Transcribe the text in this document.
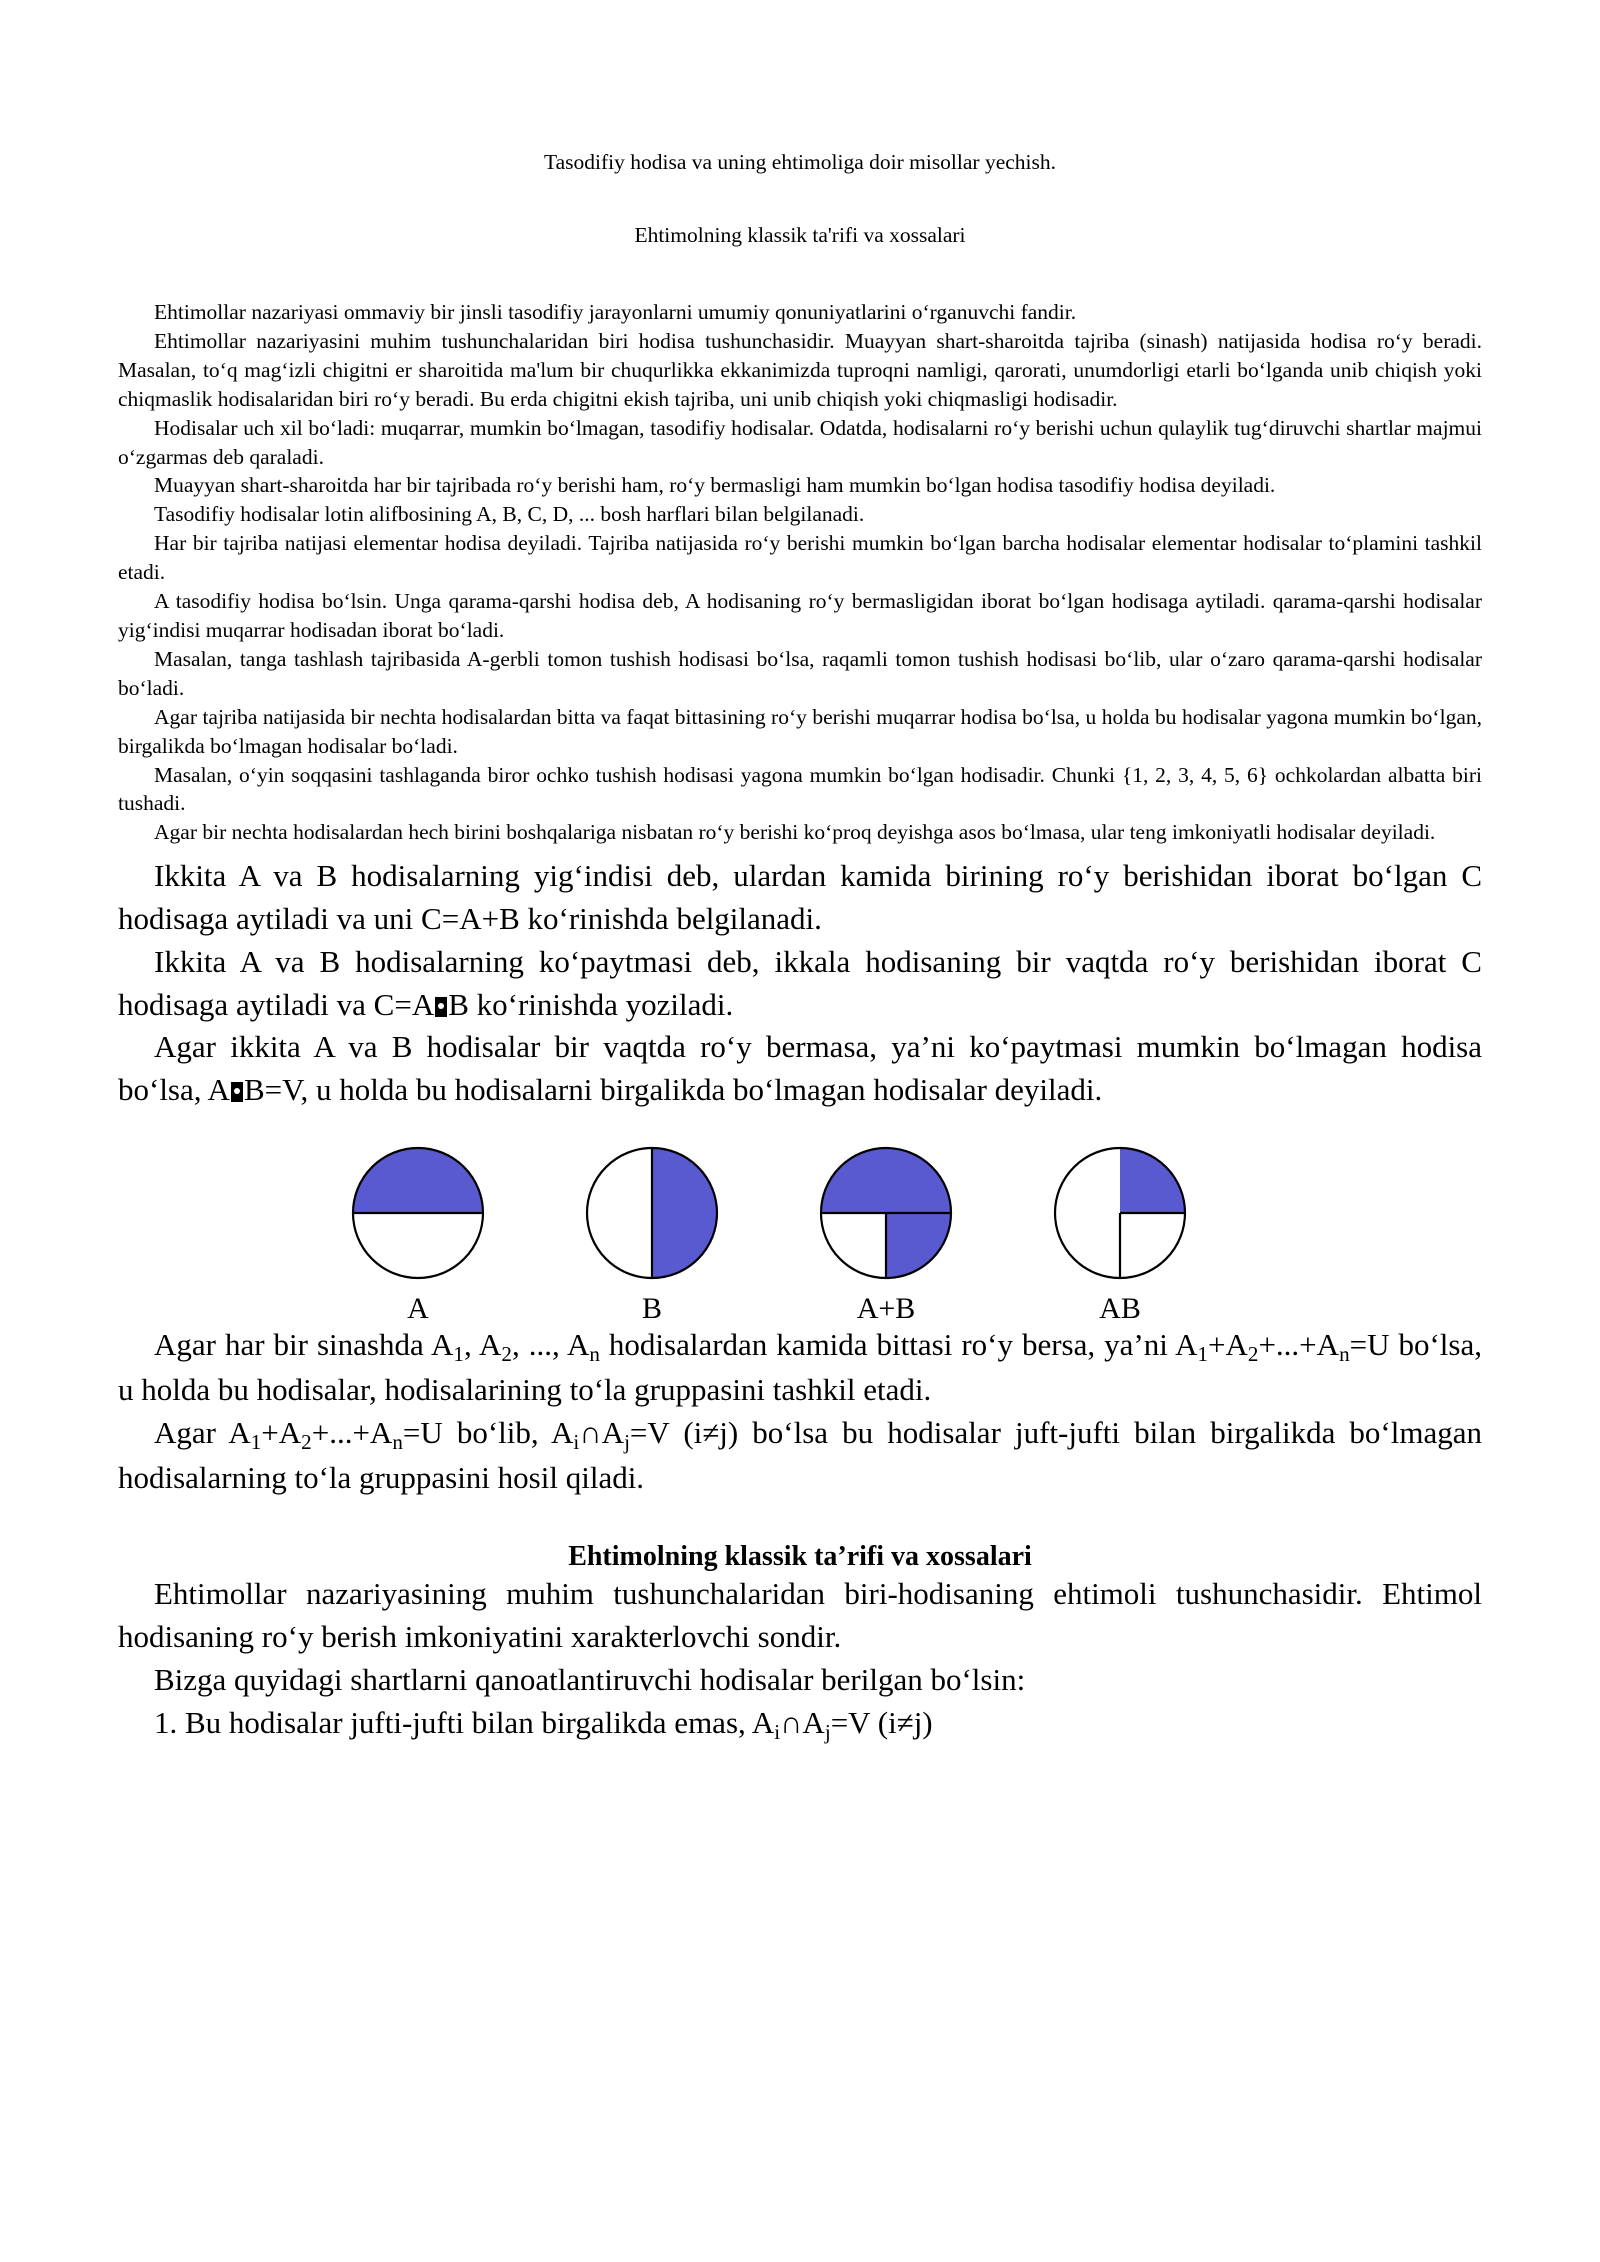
Tasodifiy hodisa va uning ehtimoliga doir misollar yechish.
Ehtimolning klassik ta'rifi va xossalari

Ehtimollar nazariyasi ommaviy bir jinsli tasodifiy jarayonlarni umumiy qonuniyatlarini o‘rganuvchi fandir.

Ehtimollar nazariyasini muhim tushunchalaridan biri hodisa tushunchasidir. Muayyan shart-sharoitda tajriba (sinash) natijasida hodisa ro‘y beradi. Masalan, to‘q mag‘izli chigitni er sharoitida ma'lum bir chuqurlikka ekkanimizda tuproqni namligi, qarorati, unumdorligi etarli bo‘lganda unib chiqish yoki chiqmaslik hodisalaridan biri ro‘y beradi. Bu erda chigitni ekish tajriba, uni unib chiqish yoki chiqmasligi hodisadir.

Hodisalar uch xil bo‘ladi: muqarrar, mumkin bo‘lmagan, tasodifiy hodisalar. Odatda, hodisalarni ro‘y berishi uchun qulaylik tug‘diruvchi shartlar majmui o‘zgarmas deb qaraladi.

Muayyan shart-sharoitda har bir tajribada ro‘y berishi ham, ro‘y bermasligi ham mumkin bo‘lgan hodisa tasodifiy hodisa deyiladi.

Tasodifiy hodisalar lotin alifbosining A, B, C, D, ... bosh harflari bilan belgilanadi.

Har bir tajriba natijasi elementar hodisa deyiladi. Tajriba natijasida ro‘y berishi mumkin bo‘lgan barcha hodisalar elementar hodisalar to‘plamini tashkil etadi.

A tasodifiy hodisa bo‘lsin. Unga qarama-qarshi hodisa deb, A hodisaning ro‘y bermasligidan iborat bo‘lgan hodisaga aytiladi. qarama-qarshi hodisalar yig‘indisi muqarrar hodisadan iborat bo‘ladi.

Masalan, tanga tashlash tajribasida A-gerbli tomon tushish hodisasi bo‘lsa, raqamli tomon tushish hodisasi bo‘lib, ular o‘zaro qarama-qarshi hodisalar bo‘ladi.

Agar tajriba natijasida bir nechta hodisalardan bitta va faqat bittasining ro‘y berishi muqarrar hodisa bo‘lsa, u holda bu hodisalar yagona mumkin bo‘lgan, birgalikda bo‘lmagan hodisalar bo‘ladi.

Masalan, o‘yin soqqasini tashlaganda biror ochko tushish hodisasi yagona mumkin bo‘lgan hodisadir. Chunki {1, 2, 3, 4, 5, 6} ochkolardan albatta biri tushadi.

Agar bir nechta hodisalardan hech birini boshqalariga nisbatan ro‘y berishi ko‘proq deyishga asos bo‘lmasa, ular teng imkoniyatli hodisalar deyiladi.

Ikkita A va B hodisalarning yig‘indisi deb, ulardan kamida birining ro‘y berishidan iborat bo‘lgan C hodisaga aytiladi va uni C=A+B ko‘rinishda belgilanadi.

Ikkita A va B hodisalarning ko‘paytmasi deb, ikkala hodisaning bir vaqtda ro‘y berishidan iborat C hodisaga aytiladi va C=A B ko‘rinishda yoziladi.

Agar ikkita A va B hodisalar bir vaqtda ro‘y bermasa, ya’ni ko‘paytmasi mumkin bo‘lmagan hodisa bo‘lsa, A B=V, u holda bu hodisalarni birgalikda bo‘lmagan hodisalar deyiladi.

A	B	A+B	AB

Agar har bir sinashda $A_1$, $A_2$, ..., $A_n$ hodisalardan kamida bittasi ro‘y bersa, ya’ni $A_1+A_2+...+A_n=U$ bo‘lsa, u holda bu hodisalar, hodisalarining to‘la gruppasini tashkil etadi.

Agar $A_1+A_2+...+A_n=U$ bo‘lib, $A_i\cap A_j=V$ (i≠j) bo‘lsa bu hodisalar juft-jufti bilan birgalikda bo‘lmagan hodisalarning to‘la gruppasini hosil qiladi.

Ehtimolning klassik ta’rifi va xossalari

Ehtimollar nazariyasining muhim tushunchalaridan biri-hodisaning ehtimoli tushunchasidir. Ehtimol hodisaning ro‘y berish imkoniyatini xarakterlovchi sondir.

Bizga quyidagi shartlarni qanoatlantiruvchi hodisalar berilgan bo‘lsin:

1. Bu hodisalar jufti-jufti bilan birgalikda emas, $A_i\cap A_j=V$ (i≠j)
